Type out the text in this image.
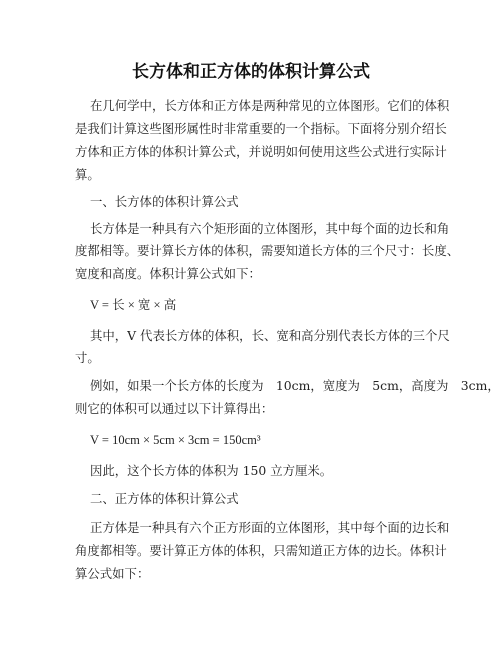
长方体和正方体的体积计算公式
在几何学中，长方体和正方体是两种常见的立体图形。它们的体积
是我们计算这些图形属性时非常重要的一个指标。下面将分别介绍长
方体和正方体的体积计算公式，并说明如何使用这些公式进行实际计
算。
一、长方体的体积计算公式
长方体是一种具有六个矩形面的立体图形，其中每个面的边长和角
度都相等。要计算长方体的体积，需要知道长方体的三个尺寸：长度、
宽度和高度。体积计算公式如下：
V = 长 × 宽 × 高
其中，V 代表长方体的体积，长、宽和高分别代表长方体的三个尺
寸。
例如，如果一个长方体的长度为　10cm，宽度为　5cm，高度为　3cm，
则它的体积可以通过以下计算得出：
V = 10cm × 5cm × 3cm = 150cm³
因此，这个长方体的体积为 150 立方厘米。
二、正方体的体积计算公式
正方体是一种具有六个正方形面的立体图形，其中每个面的边长和
角度都相等。要计算正方体的体积，只需知道正方体的边长。体积计
算公式如下：
